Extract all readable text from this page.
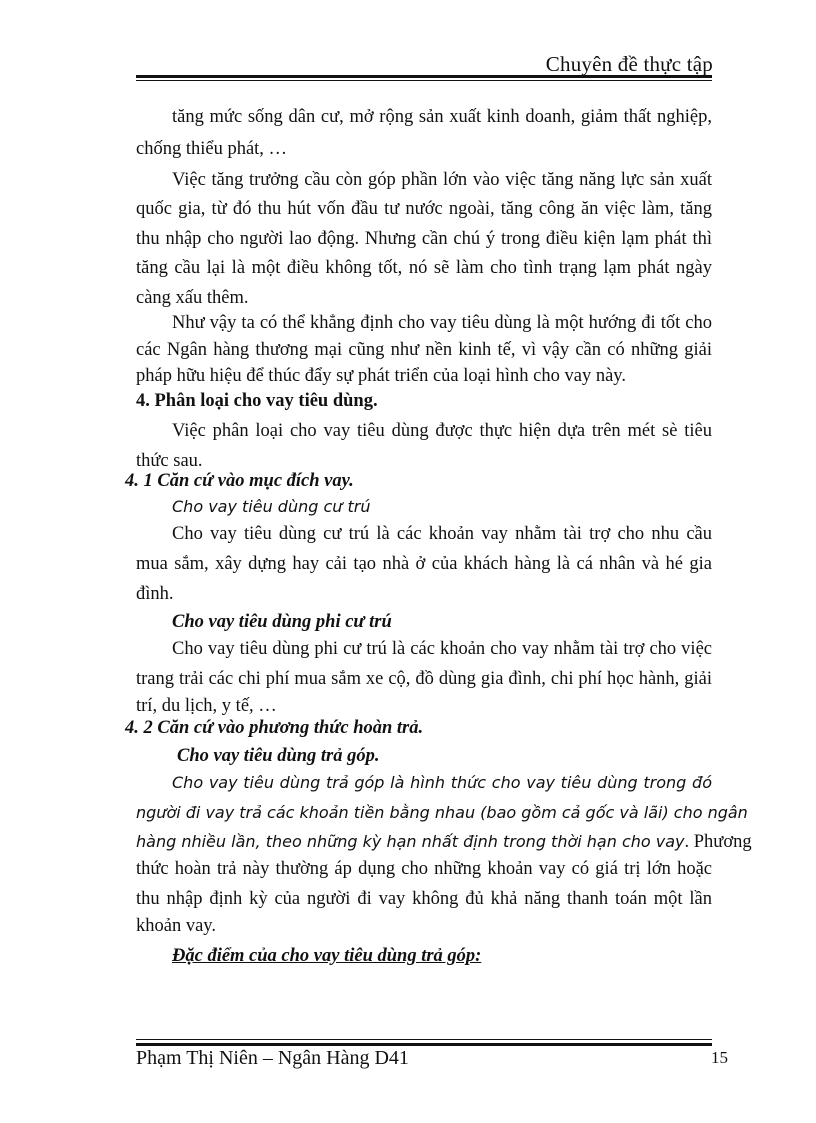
Chuyên đề thực tập
tăng mức sống dân cư, mở rộng sản xuất kinh doanh, giảm thất nghiệp,
chống thiểu phát, …
Việc tăng trưởng cầu còn góp phần lớn vào việc tăng năng lực sản xuất
quốc gia, từ đó thu hút vốn đầu tư nước ngoài, tăng công ăn việc làm, tăng
thu nhập cho người lao động. Nhưng cần chú ý trong điều kiện lạm phát thì
tăng cầu lại là một điều không tốt, nó sẽ làm cho tình trạng lạm phát ngày
càng xấu thêm.
Như vậy ta có thể khẳng định cho vay tiêu dùng là một hướng đi tốt cho
các Ngân hàng thương mại cũng như nền kinh tế, vì vậy cần có những giải
pháp hữu hiệu để thúc đẩy sự phát triển của loại hình cho vay này.
4. Phân loại cho vay tiêu dùng.
Việc phân loại cho vay tiêu dùng được thực hiện dựa trên mét sè tiêu
thức sau.
4. 1 Căn cứ vào mục đích vay.
Cho vay tiêu dùng cư trú
Cho vay tiêu dùng cư trú là các khoản vay nhằm tài trợ cho nhu cầu
mua sắm, xây dựng hay cải tạo nhà ở của khách hàng là cá nhân và hé gia
đình.
Cho vay tiêu dùng phi cư trú
Cho vay tiêu dùng phi cư trú là các khoản cho vay nhằm tài trợ cho việc
trang trải các chi phí mua sắm xe cộ, đồ dùng gia đình, chi phí học hành, giải
trí, du lịch, y tế, …
4. 2 Căn cứ vào phương thức hoàn trả.
Cho vay tiêu dùng trả góp.
Cho vay tiêu dùng trả góp là hình thức cho vay tiêu dùng trong đó
người đi vay trả các khoản tiền bằng nhau (bao gồm cả gốc và lãi) cho ngân
hàng nhiều lần, theo những kỳ hạn nhất định trong thời hạn cho vay. Phương
thức hoàn trả này thường áp dụng cho những khoản vay có giá trị lớn hoặc
thu nhập định kỳ của người đi vay không đủ khả năng thanh toán một lần
khoản vay.
Đặc điểm của cho vay tiêu dùng trả góp:
Phạm Thị Niên – Ngân Hàng D41	15
